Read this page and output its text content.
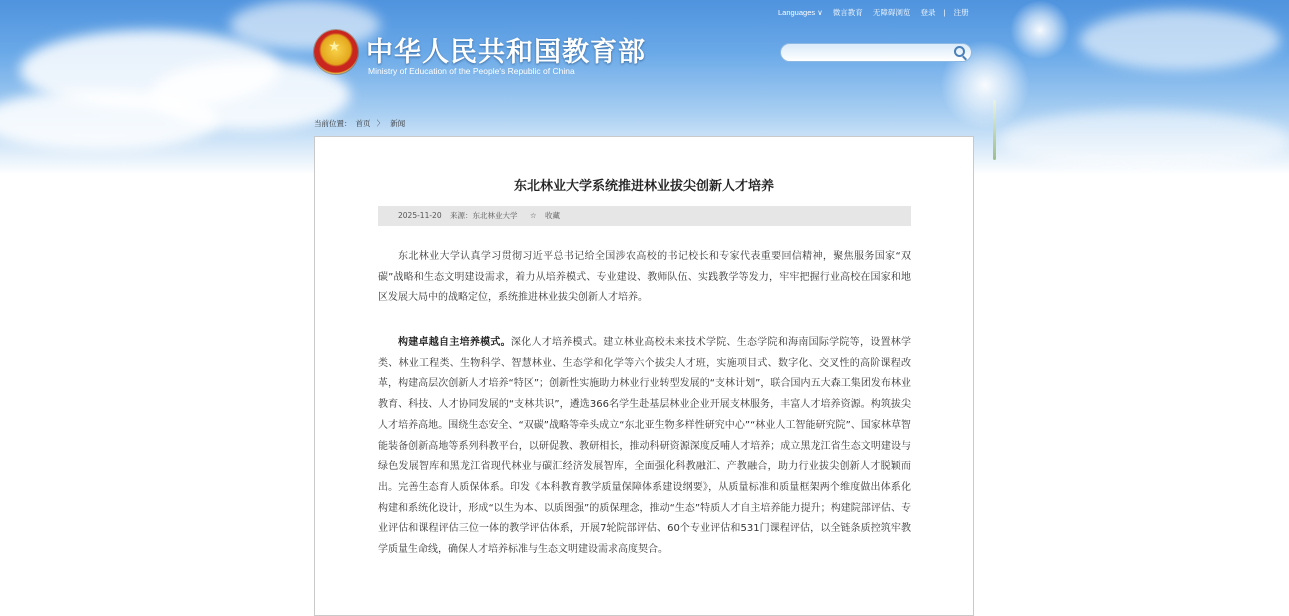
★ 中华人民共和国教育部
Ministry of Education of the People's Republic of China
Languages ∨ 微言教育 无障碍浏览 登录 | 注册
当前位置： 首页 〉 新闻
东北林业大学系统推进林业拔尖创新人才培养
2025-11-20 来源：东北林业大学 ☆ 收藏

东北林业大学认真学习贯彻习近平总书记给全国涉农高校的书记校长和专家代表重要回信精神，聚焦服务国家“双碳”战略和生态文明建设需求，着力从培养模式、专业建设、教师队伍、实践教学等发力，牢牢把握行业高校在国家和地区发展大局中的战略定位，系统推进林业拔尖创新人才培养。

构建卓越自主培养模式。深化人才培养模式。建立林业高校未来技术学院、生态学院和海南国际学院等，设置林学类、林业工程类、生物科学、智慧林业、生态学和化学等六个拔尖人才班，实施项目式、数字化、交叉性的高阶课程改革，构建高层次创新人才培养“特区”；创新性实施助力林业行业转型发展的“支林计划”，联合国内五大森工集团发布林业教育、科技、人才协同发展的“支林共识”，遴选366名学生赴基层林业企业开展支林服务，丰富人才培养资源。构筑拔尖人才培养高地。围绕生态安全、“双碳”战略等牵头成立“东北亚生物多样性研究中心”“林业人工智能研究院”、国家林草智能装备创新高地等系列科教平台，以研促教、教研相长，推动科研资源深度反哺人才培养；成立黑龙江省生态文明建设与绿色发展智库和黑龙江省现代林业与碳汇经济发展智库，全面强化科教融汇、产教融合，助力行业拔尖创新人才脱颖而出。完善生态育人质保体系。印发《本科教育教学质量保障体系建设纲要》，从质量标准和质量框架两个维度做出体系化构建和系统化设计，形成“以生为本、以质图强”的质保理念，推动“生态”特质人才自主培养能力提升；构建院部评估、专业评估和课程评估三位一体的教学评估体系，开展7轮院部评估、60个专业评估和531门课程评估，以全链条质控筑牢教学质量生命线，确保人才培养标准与生态文明建设需求高度契合。
